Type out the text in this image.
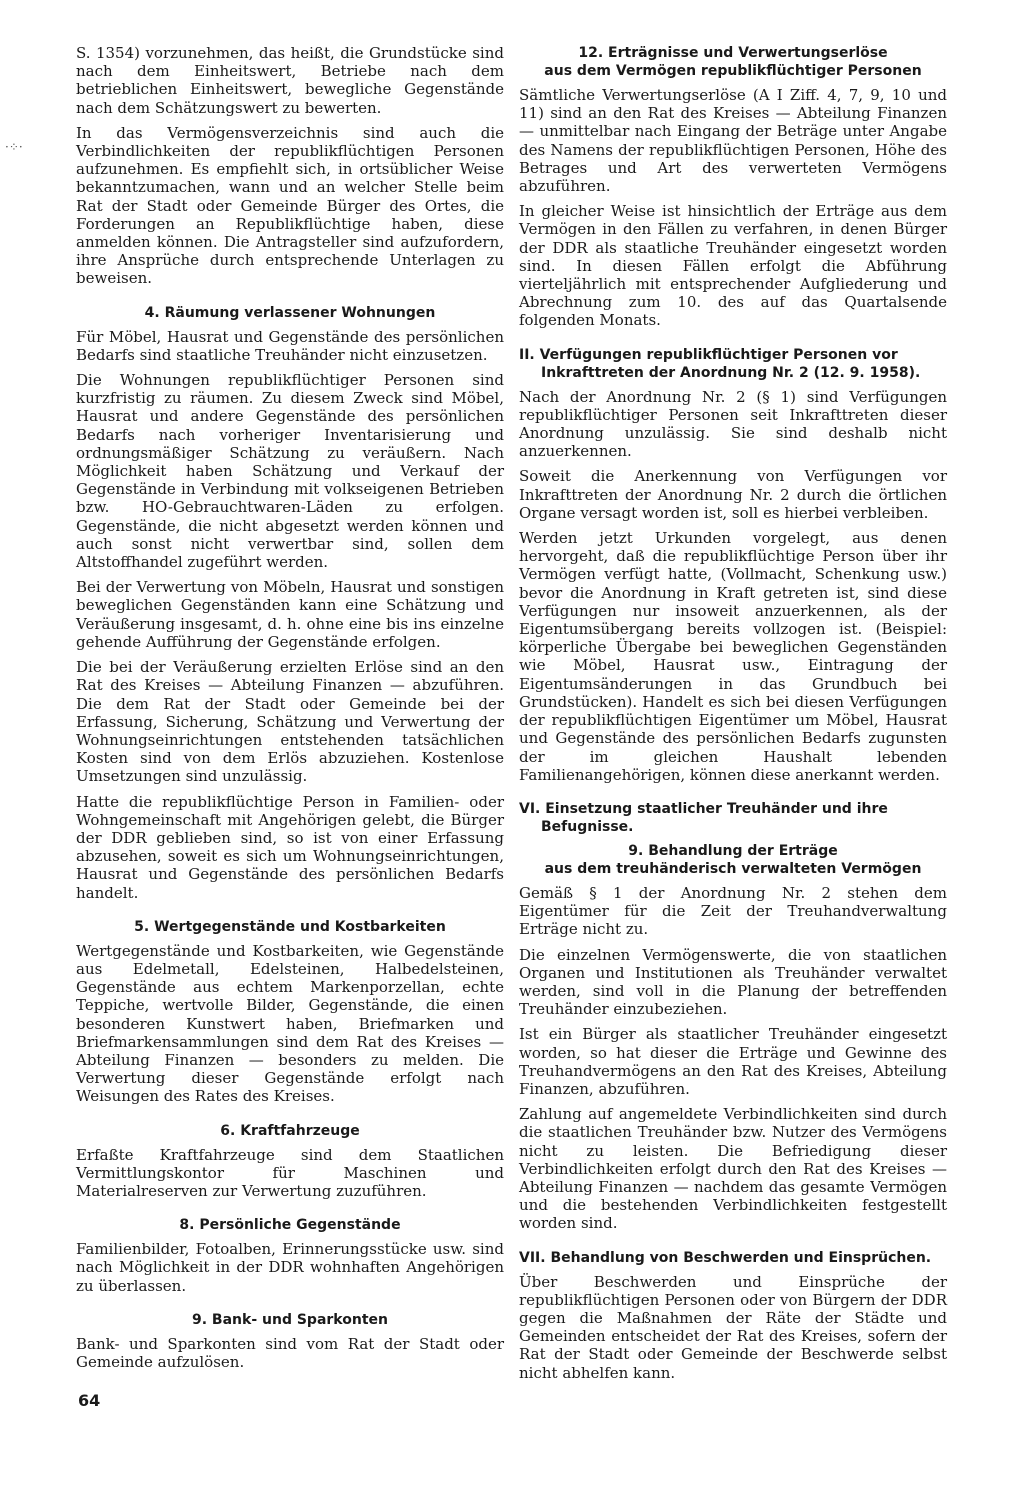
·⁘·

S. 1354) vorzunehmen, das heißt, die Grundstücke sind nach dem Einheitswert, Betriebe nach dem betrieblichen Einheitswert, bewegliche Gegenstände nach dem Schätzungswert zu bewerten.

In das Vermögensverzeichnis sind auch die Verbindlichkeiten der republikflüchtigen Personen aufzunehmen. Es empfiehlt sich, in ortsüblicher Weise bekanntzumachen, wann und an welcher Stelle beim Rat der Stadt oder Gemeinde Bürger des Ortes, die Forderungen an Republikflüchtige haben, diese anmelden können. Die Antragsteller sind aufzufordern, ihre Ansprüche durch entsprechende Unterlagen zu beweisen.

4. Räumung verlassener Wohnungen

Für Möbel, Hausrat und Gegenstände des persönlichen Bedarfs sind staatliche Treuhänder nicht einzusetzen.

Die Wohnungen republikflüchtiger Personen sind kurzfristig zu räumen. Zu diesem Zweck sind Möbel, Hausrat und andere Gegenstände des persönlichen Bedarfs nach vorheriger Inventarisierung und ordnungsmäßiger Schätzung zu veräußern. Nach Möglichkeit haben Schätzung und Verkauf der Gegenstände in Verbindung mit volkseigenen Betrieben bzw. HO-Gebrauchtwaren-Läden zu erfolgen. Gegenstände, die nicht abgesetzt werden können und auch sonst nicht verwertbar sind, sollen dem Altstoffhandel zugeführt werden.

Bei der Verwertung von Möbeln, Hausrat und sonstigen beweglichen Gegenständen kann eine Schätzung und Veräußerung insgesamt, d. h. ohne eine bis ins einzelne gehende Aufführung der Gegenstände erfolgen.

Die bei der Veräußerung erzielten Erlöse sind an den Rat des Kreises — Abteilung Finanzen — abzuführen. Die dem Rat der Stadt oder Gemeinde bei der Erfassung, Sicherung, Schätzung und Verwertung der Wohnungseinrichtungen entstehenden tatsächlichen Kosten sind von dem Erlös abzuziehen. Kostenlose Umsetzungen sind unzulässig.

Hatte die republikflüchtige Person in Familien- oder Wohngemeinschaft mit Angehörigen gelebt, die Bürger der DDR geblieben sind, so ist von einer Erfassung abzusehen, soweit es sich um Wohnungseinrichtungen, Hausrat und Gegenstände des persönlichen Bedarfs handelt.

5. Wertgegenstände und Kostbarkeiten

Wertgegenstände und Kostbarkeiten, wie Gegenstände aus Edelmetall, Edelsteinen, Halbedelsteinen, Gegenstände aus echtem Markenporzellan, echte Teppiche, wertvolle Bilder, Gegenstände, die einen besonderen Kunstwert haben, Briefmarken und Briefmarkensammlungen sind dem Rat des Kreises — Abteilung Finanzen — besonders zu melden. Die Verwertung dieser Gegenstände erfolgt nach Weisungen des Rates des Kreises.

6. Kraftfahrzeuge

Erfaßte Kraftfahrzeuge sind dem Staatlichen Vermittlungskontor für Maschinen und Materialreserven zur Verwertung zuzuführen.

8. Persönliche Gegenstände

Familienbilder, Fotoalben, Erinnerungsstücke usw. sind nach Möglichkeit in der DDR wohnhaften Angehörigen zu überlassen.

9. Bank- und Sparkonten

Bank- und Sparkonten sind vom Rat der Stadt oder Gemeinde aufzulösen.

12. Erträgnisse und Verwertungserlöse
aus dem Vermögen republikflüchtiger Personen

Sämtliche Verwertungserlöse (A I Ziff. 4, 7, 9, 10 und 11) sind an den Rat des Kreises — Abteilung Finanzen — unmittelbar nach Eingang der Beträge unter Angabe des Namens der republikflüchtigen Personen, Höhe des Betrages und Art des verwerteten Vermögens abzuführen.

In gleicher Weise ist hinsichtlich der Erträge aus dem Vermögen in den Fällen zu verfahren, in denen Bürger der DDR als staatliche Treuhänder eingesetzt worden sind. In diesen Fällen erfolgt die Abführung vierteljährlich mit entsprechender Aufgliederung und Abrechnung zum 10. des auf das Quartalsende folgenden Monats.

II. Verfügungen republikflüchtiger Personen vor Inkrafttreten der Anordnung Nr. 2 (12. 9. 1958).

Nach der Anordnung Nr. 2 (§ 1) sind Verfügungen republikflüchtiger Personen seit Inkrafttreten dieser Anordnung unzulässig. Sie sind deshalb nicht anzuerkennen.

Soweit die Anerkennung von Verfügungen vor Inkrafttreten der Anordnung Nr. 2 durch die örtlichen Organe versagt worden ist, soll es hierbei verbleiben.

Werden jetzt Urkunden vorgelegt, aus denen hervorgeht, daß die republikflüchtige Person über ihr Vermögen verfügt hatte, (Vollmacht, Schenkung usw.) bevor die Anordnung in Kraft getreten ist, sind diese Verfügungen nur insoweit anzuerkennen, als der Eigentumsübergang bereits vollzogen ist. (Beispiel: körperliche Übergabe bei beweglichen Gegenständen wie Möbel, Hausrat usw., Eintragung der Eigentumsänderungen in das Grundbuch bei Grundstücken). Handelt es sich bei diesen Verfügungen der republikflüchtigen Eigentümer um Möbel, Hausrat und Gegenstände des persönlichen Bedarfs zugunsten der im gleichen Haushalt lebenden Familienangehörigen, können diese anerkannt werden.

VI. Einsetzung staatlicher Treuhänder und ihre Befugnisse.
9. Behandlung der Erträge
aus dem treuhänderisch verwalteten Vermögen

Gemäß § 1 der Anordnung Nr. 2 stehen dem Eigentümer für die Zeit der Treuhandverwaltung Erträge nicht zu.

Die einzelnen Vermögenswerte, die von staatlichen Organen und Institutionen als Treuhänder verwaltet werden, sind voll in die Planung der betreffenden Treuhänder einzubeziehen.

Ist ein Bürger als staatlicher Treuhänder eingesetzt worden, so hat dieser die Erträge und Gewinne des Treuhandvermögens an den Rat des Kreises, Abteilung Finanzen, abzuführen.

Zahlung auf angemeldete Verbindlichkeiten sind durch die staatlichen Treuhänder bzw. Nutzer des Vermögens nicht zu leisten. Die Befriedigung dieser Verbindlichkeiten erfolgt durch den Rat des Kreises — Abteilung Finanzen — nachdem das gesamte Vermögen und die bestehenden Verbindlichkeiten festgestellt worden sind.

VII. Behandlung von Beschwerden und Einsprüchen.

Über Beschwerden und Einsprüche der republikflüchtigen Personen oder von Bürgern der DDR gegen die Maßnahmen der Räte der Städte und Gemeinden entscheidet der Rat des Kreises, sofern der Rat der Stadt oder Gemeinde der Beschwerde selbst nicht abhelfen kann.

64
